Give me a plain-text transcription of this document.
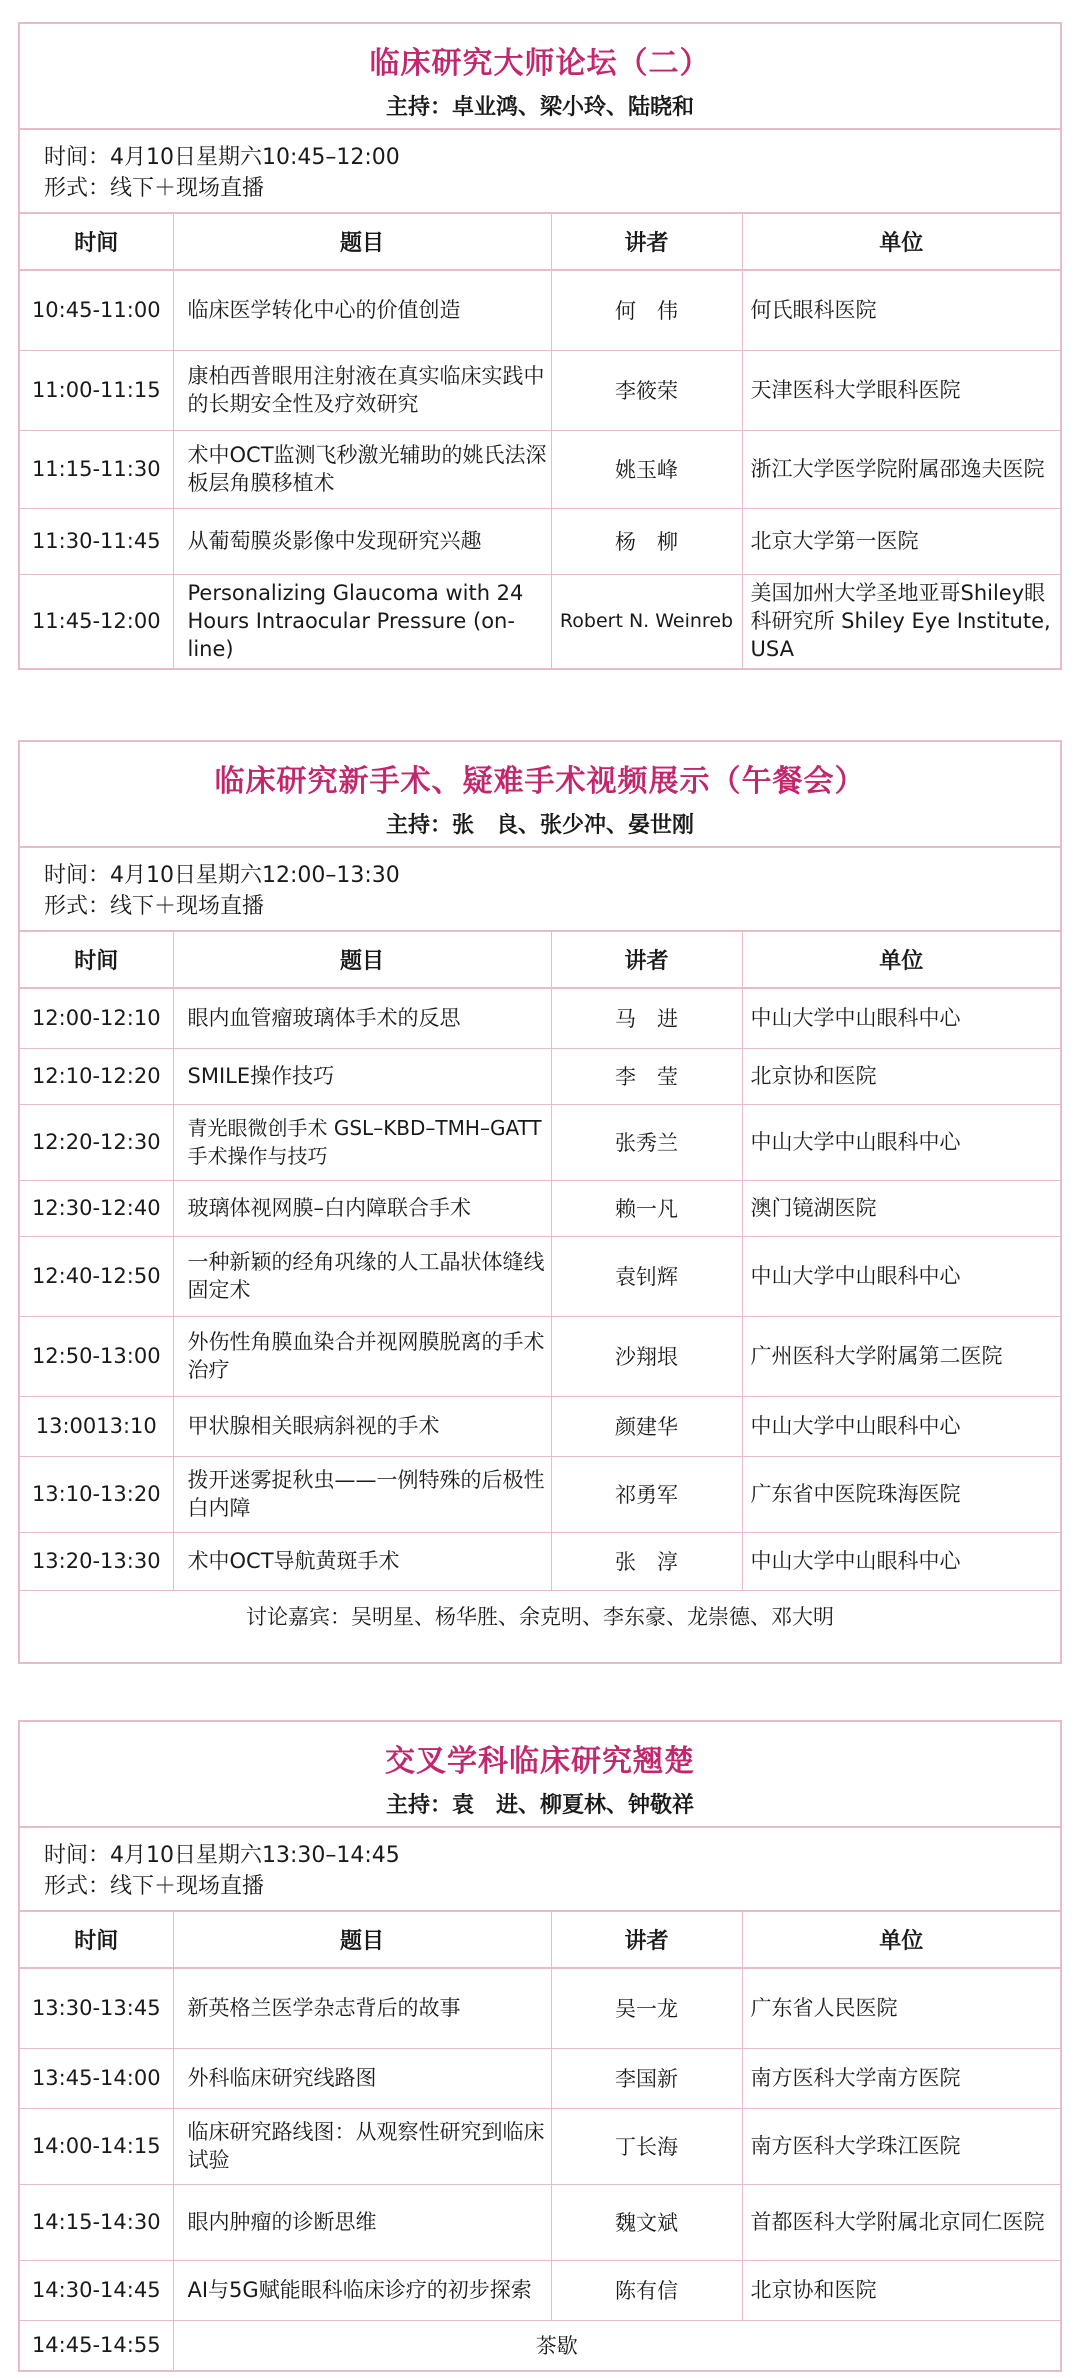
临床研究大师论坛（二）
主持：卓业鸿、梁小玲、陆晓和
时间：4月10日星期六10:45–12:00
形式：线下＋现场直播
时间	题目	讲者	单位
10:45-11:00	临床医学转化中心的价值创造	何　伟	何氏眼科医院
11:00-11:15	康柏西普眼用注射液在真实临床实践中的长期安全性及疗效研究	李筱荣	天津医科大学眼科医院
11:15-11:30	术中OCT监测飞秒激光辅助的姚氏法深板层角膜移植术	姚玉峰	浙江大学医学院附属邵逸夫医院
11:30-11:45	从葡萄膜炎影像中发现研究兴趣	杨　柳	北京大学第一医院
11:45-12:00	Personalizing Glaucoma with 24 Hours Intraocular Pressure (on-line)	Robert N. Weinreb	美国加州大学圣地亚哥Shiley眼科研究所 Shiley Eye Institute, USA
临床研究新手术、疑难手术视频展示（午餐会）
主持：张　良、张少冲、晏世刚
时间：4月10日星期六12:00–13:30
形式：线下＋现场直播
时间	题目	讲者	单位
12:00-12:10	眼内血管瘤玻璃体手术的反思	马　进	中山大学中山眼科中心
12:10-12:20	SMILE操作技巧	李　莹	北京协和医院
12:20-12:30	青光眼微创手术 GSL–KBD–TMH–GATT手术操作与技巧	张秀兰	中山大学中山眼科中心
12:30-12:40	玻璃体视网膜–白内障联合手术	赖一凡	澳门镜湖医院
12:40-12:50	一种新颖的经角巩缘的人工晶状体缝线固定术	袁钊辉	中山大学中山眼科中心
12:50-13:00	外伤性角膜血染合并视网膜脱离的手术治疗	沙翔垠	广州医科大学附属第二医院
13:0013:10	甲状腺相关眼病斜视的手术	颜建华	中山大学中山眼科中心
13:10-13:20	拨开迷雾捉秋虫——一例特殊的后极性白内障	祁勇军	广东省中医院珠海医院
13:20-13:30	术中OCT导航黄斑手术	张　淳	中山大学中山眼科中心
讨论嘉宾：吴明星、杨华胜、余克明、李东豪、龙崇德、邓大明			
交叉学科临床研究翘楚
主持：袁　进、柳夏林、钟敬祥
时间：4月10日星期六13:30–14:45
形式：线下＋现场直播
时间	题目	讲者	单位
13:30-13:45	新英格兰医学杂志背后的故事	吴一龙	广东省人民医院
13:45-14:00	外科临床研究线路图	李国新	南方医科大学南方医院
14:00-14:15	临床研究路线图：从观察性研究到临床试验	丁长海	南方医科大学珠江医院
14:15-14:30	眼内肿瘤的诊断思维	魏文斌	首都医科大学附属北京同仁医院
14:30-14:45	AI与5G赋能眼科临床诊疗的初步探索	陈有信	北京协和医院
14:45-14:55	茶歇		
